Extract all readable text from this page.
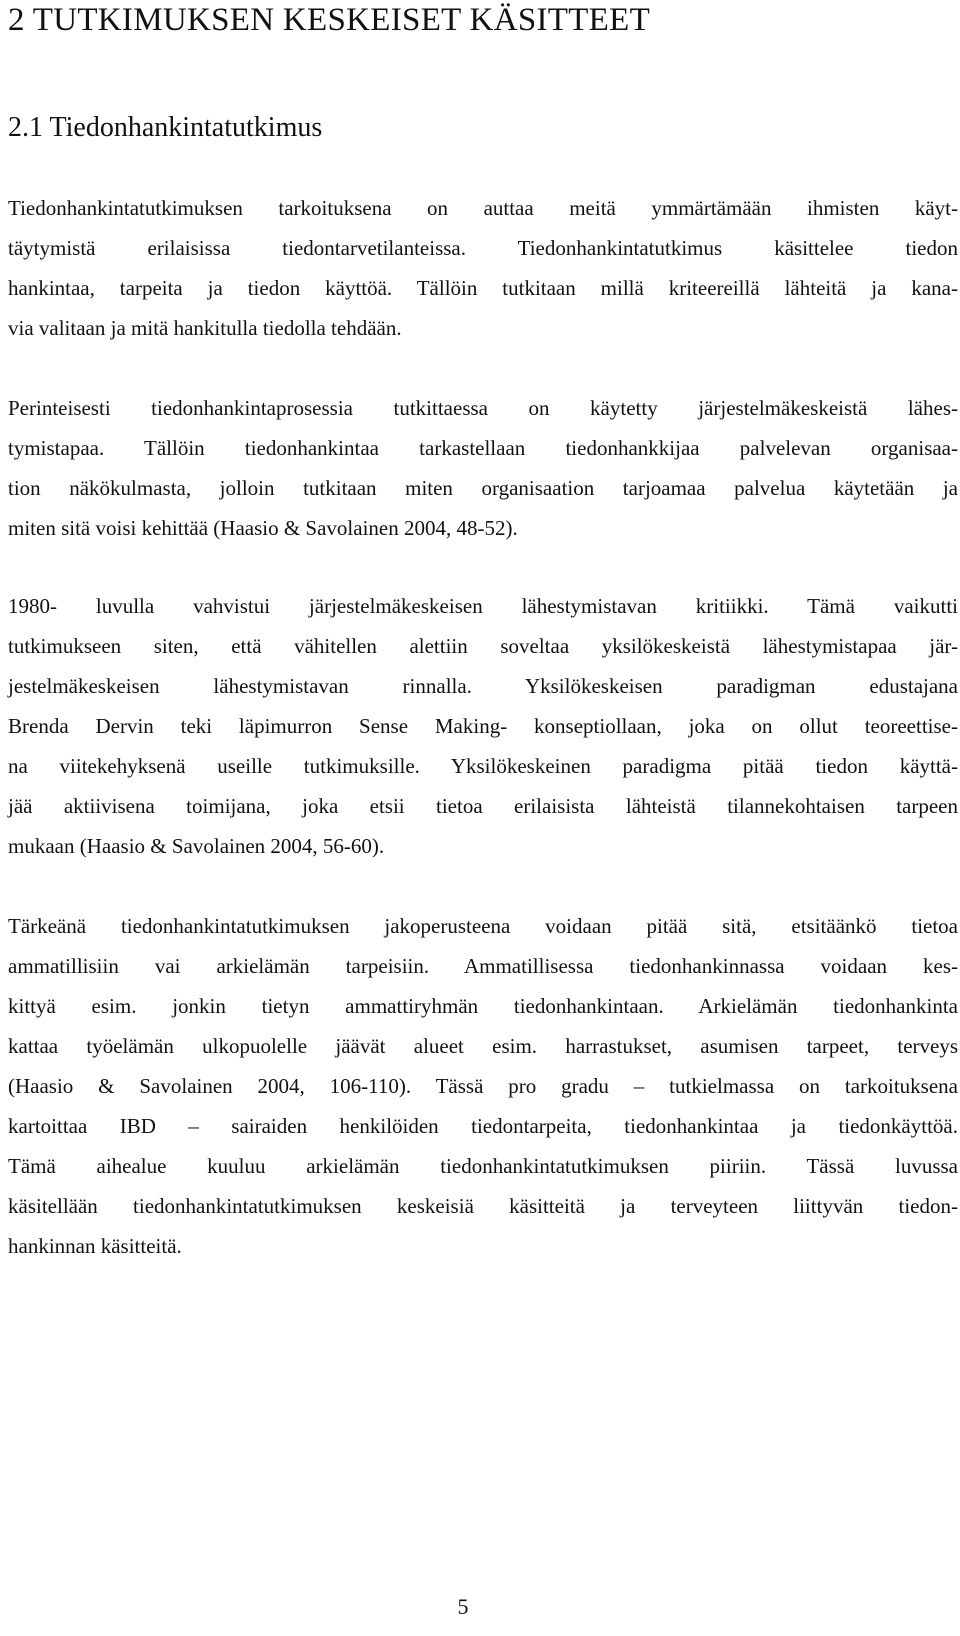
2 TUTKIMUKSEN KESKEISET KÄSITTEET
2.1 Tiedonhankintatutkimus
Tiedonhankintatutkimuksen tarkoituksena on auttaa meitä ymmärtämään ihmisten käyt-
täytymistä erilaisissa tiedontarvetilanteissa. Tiedonhankintatutkimus käsittelee tiedon
hankintaa, tarpeita ja tiedon käyttöä. Tällöin tutkitaan millä kriteereillä lähteitä ja kana-
via valitaan ja mitä hankitulla tiedolla tehdään.
Perinteisesti tiedonhankintaprosessia tutkittaessa on käytetty järjestelmäkeskeistä lähes-
tymistapaa. Tällöin tiedonhankintaa tarkastellaan tiedonhankkijaa palvelevan organisaa-
tion näkökulmasta, jolloin tutkitaan miten organisaation tarjoamaa palvelua käytetään ja
miten sitä voisi kehittää (Haasio & Savolainen 2004, 48-52).
1980- luvulla vahvistui järjestelmäkeskeisen lähestymistavan kritiikki. Tämä vaikutti
tutkimukseen siten, että vähitellen alettiin soveltaa yksilökeskeistä lähestymistapaa jär-
jestelmäkeskeisen lähestymistavan rinnalla. Yksilökeskeisen paradigman edustajana
Brenda Dervin teki läpimurron Sense Making- konseptiollaan, joka on ollut teoreettise-
na viitekehyksenä useille tutkimuksille. Yksilökeskeinen paradigma pitää tiedon käyttä-
jää aktiivisena toimijana, joka etsii tietoa erilaisista lähteistä tilannekohtaisen tarpeen
mukaan (Haasio & Savolainen 2004, 56-60).
Tärkeänä tiedonhankintatutkimuksen jakoperusteena voidaan pitää sitä, etsitäänkö tietoa
ammatillisiin vai arkielämän tarpeisiin. Ammatillisessa tiedonhankinnassa voidaan kes-
kittyä esim. jonkin tietyn ammattiryhmän tiedonhankintaan. Arkielämän tiedonhankinta
kattaa työelämän ulkopuolelle jäävät alueet esim. harrastukset, asumisen tarpeet, terveys
(Haasio & Savolainen 2004, 106-110). Tässä pro gradu – tutkielmassa on tarkoituksena
kartoittaa IBD – sairaiden henkilöiden tiedontarpeita, tiedonhankintaa ja tiedonkäyttöä.
Tämä aihealue kuuluu arkielämän tiedonhankintatutkimuksen piiriin. Tässä luvussa
käsitellään tiedonhankintatutkimuksen keskeisiä käsitteitä ja terveyteen liittyvän tiedon-
hankinnan käsitteitä.
5
